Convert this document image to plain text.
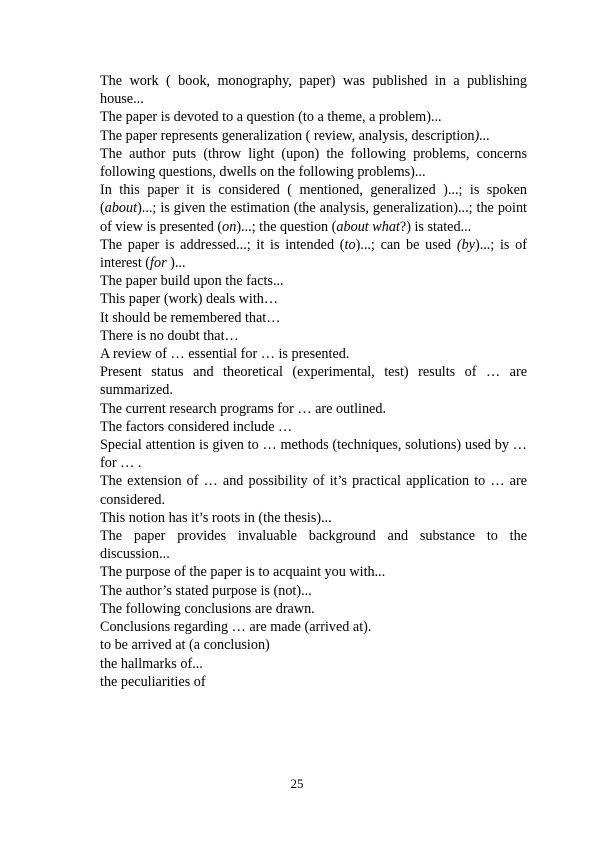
The work ( book, monography, paper) was published in a publishing house...

The paper is devoted to a question (to a theme, a problem)...

The paper represents generalization ( review, analysis, description)...

The author puts (throw light (upon) the following problems, concerns following questions, dwells on the following problems)...

In this paper it is considered ( mentioned, generalized )...; is spoken (about)...; is given the estimation (the analysis, generalization)...; the point of view is presented (on)...; the question (about what?) is stated...

The paper is addressed...; it is intended (to)...; can be used (by)...; is of interest (for )...

The paper build upon the facts...

This paper (work) deals with…

It should be remembered that…

There is no doubt that…

A review of … essential for … is presented.

Present status and theoretical (experimental, test) results of … are summarized.

The current research programs for … are outlined.

The factors considered include …

Special attention is given to … methods (techniques, solutions) used by … for … .

The extension of … and possibility of it’s practical application to … are considered.

This notion has it’s roots in (the thesis)...

The paper provides invaluable background and substance to the discussion...

The purpose of the paper is to acquaint you with...

The author’s stated purpose is (not)...

The following conclusions are drawn.

Conclusions regarding … are made (arrived at).

to be arrived at (a conclusion)

the hallmarks of...

the peculiarities of

25
